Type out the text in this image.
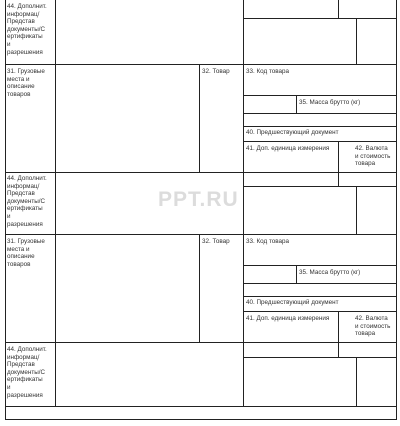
44. Дополнит.
информац/
Представ
документы/С
ертификаты
и
разрешения
31. Грузовые
места и
описание
товаров
32. Товар	33. Код товара
35. Масса брутто (кг)
40. Предшествующий документ
41. Доп. единица измерения	42. Валюта
и стоимость
товара
44. Дополнит.
информац/
Представ
документы/С
ертификаты
и
разрешения
31. Грузовые
места и
описание
товаров
32. Товар	33. Код товара
35. Масса брутто (кг)
40. Предшествующий документ
41. Доп. единица измерения	42. Валюта
и стоимость
товара
44. Дополнит.
информац/
Представ
документы/С
ертификаты
и
разрешения
PPT.RU
